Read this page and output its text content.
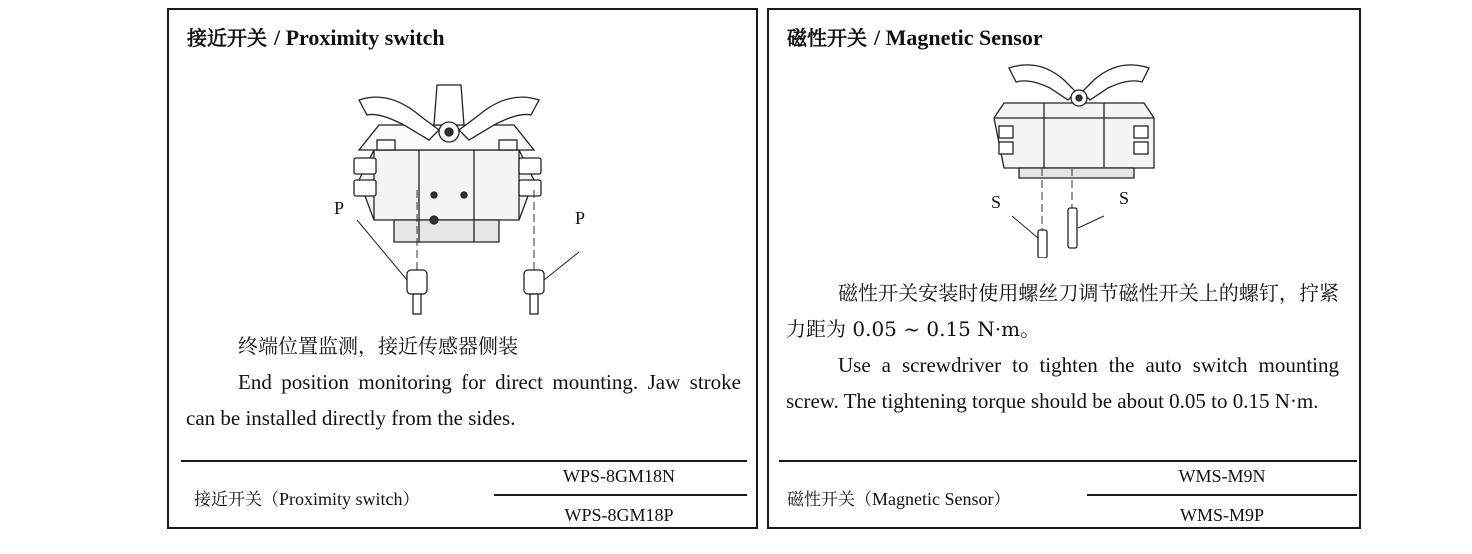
接近开关 / Proximity switch
P	P

终端位置监测，接近传感器侧装

End position monitoring for direct mounting. Jaw stroke can be installed directly from the sides.

接近开关（Proximity switch）
WPS-8GM18N
WPS-8GM18P
磁性开关 / Magnetic Sensor
S	S

磁性开关安装时使用螺丝刀调节磁性开关上的螺钉，拧紧力距为 0.05 ~ 0.15 N·m。

Use a screwdriver to tighten the auto switch mounting screw. The tightening torque should be about 0.05 to 0.15 N·m.

磁性开关（Magnetic Sensor）
WMS-M9N
WMS-M9P
